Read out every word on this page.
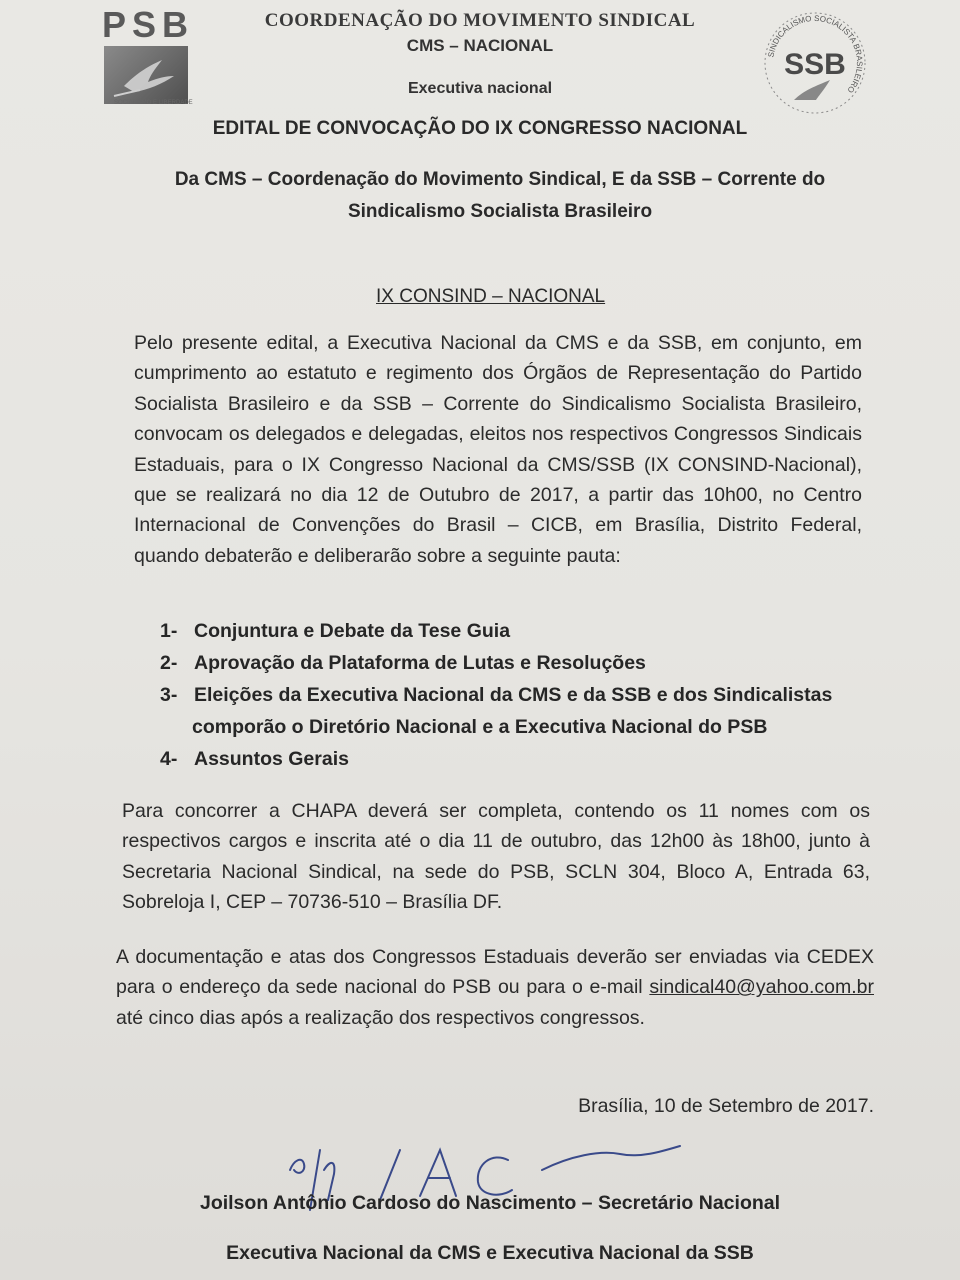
PSB
SOCIALISMO E LIBERDADE
COORDENAÇÃO DO MOVIMENTO SINDICAL
CMS – NACIONAL
Executiva nacional
SINDICALISMO SOCIALISTA BRASILEIRO
SSB
EDITAL DE CONVOCAÇÃO DO IX CONGRESSO NACIONAL
Da CMS – Coordenação do Movimento Sindical, E da SSB – Corrente do
Sindicalismo Socialista Brasileiro
IX CONSIND – NACIONAL
Pelo presente edital, a Executiva Nacional da CMS e da SSB, em conjunto, em cumprimento ao estatuto e regimento dos Órgãos de Representação do Partido Socialista Brasileiro e da SSB – Corrente do Sindicalismo Socialista Brasileiro, convocam os delegados e delegadas, eleitos nos respectivos Congressos Sindicais Estaduais, para o IX Congresso Nacional da CMS/SSB (IX CONSIND-Nacional), que se realizará no dia 12 de Outubro de 2017, a partir das 10h00, no Centro Internacional de Convenções do Brasil – CICB, em Brasília, Distrito Federal, quando debaterão e deliberarão sobre a seguinte pauta:
1- Conjuntura e Debate da Tese Guia
2- Aprovação da Plataforma de Lutas e Resoluções
3- Eleições da Executiva Nacional da CMS e da SSB e dos Sindicalistas
comporão o Diretório Nacional e a Executiva Nacional do PSB
4- Assuntos Gerais
Para concorrer a CHAPA deverá ser completa, contendo os 11 nomes com os respectivos cargos e inscrita até o dia 11 de outubro, das 12h00 às 18h00, junto à Secretaria Nacional Sindical, na sede do PSB, SCLN 304, Bloco A, Entrada 63, Sobreloja I, CEP – 70736-510 – Brasília DF.
A documentação e atas dos Congressos Estaduais deverão ser enviadas via CEDEX para o endereço da sede nacional do PSB ou para o e-mail sindical40@yahoo.com.br até cinco dias após a realização dos respectivos congressos.
Brasília, 10 de Setembro de 2017.
Joilson Antônio Cardoso do Nascimento – Secretário Nacional
Executiva Nacional da CMS e Executiva Nacional da SSB
